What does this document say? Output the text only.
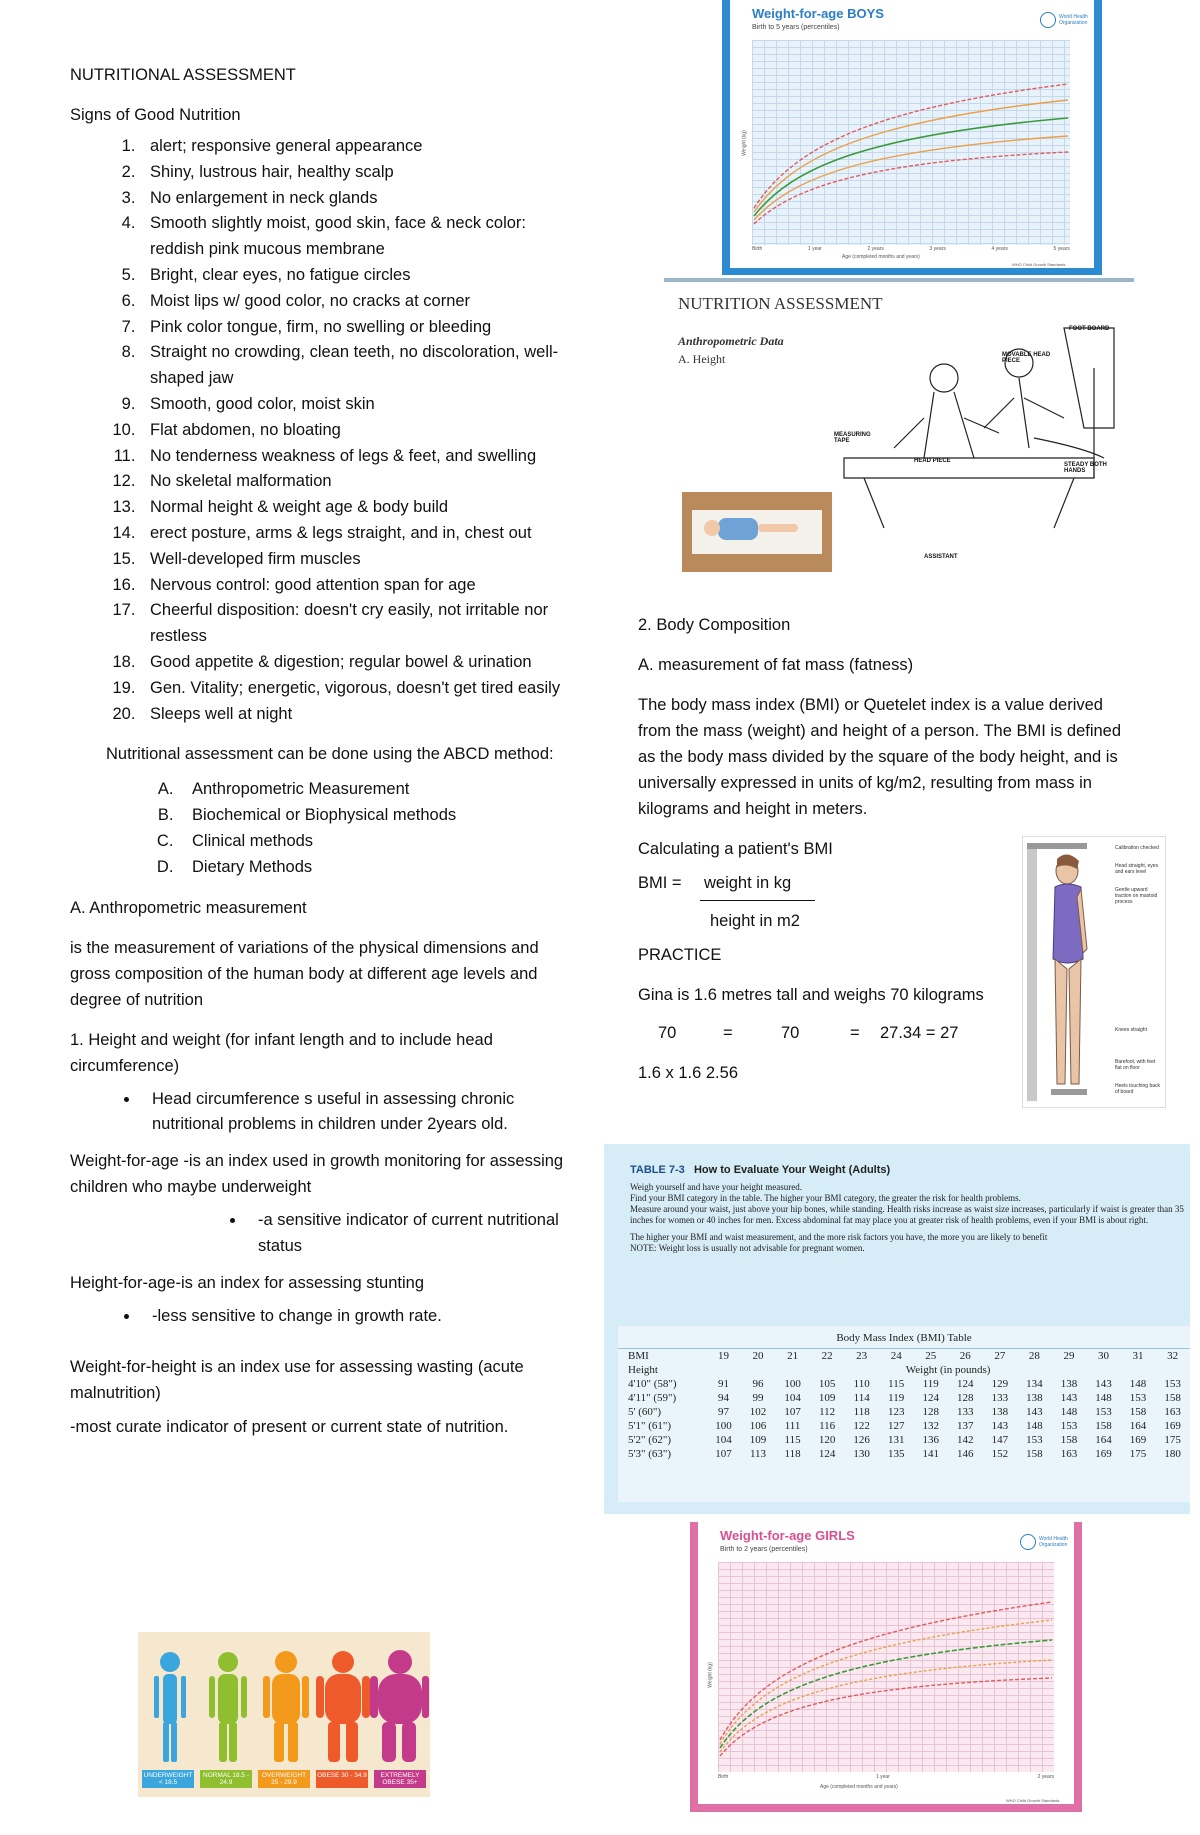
NUTRITIONAL ASSESSMENT

Signs of Good Nutrition

1. alert; responsive general appearance
2. Shiny, lustrous hair, healthy scalp
3. No enlargement in neck glands
4. Smooth slightly moist, good skin, face & neck color: reddish pink mucous membrane
5. Bright, clear eyes, no fatigue circles
6. Moist lips w/ good color, no cracks at corner
7. Pink color tongue, firm, no swelling or bleeding
8. Straight no crowding, clean teeth, no discoloration, well-shaped jaw
9. Smooth, good color, moist skin
10. Flat abdomen, no bloating
11. No tenderness weakness of legs & feet, and swelling
12. No skeletal malformation
13. Normal height & weight age & body build
14. erect posture, arms & legs straight, and in, chest out
15. Well-developed firm muscles
16. Nervous control: good attention span for age
17. Cheerful disposition: doesn't cry easily, not irritable nor restless
18. Good appetite & digestion; regular bowel & urination
19. Gen. Vitality; energetic, vigorous, doesn't get tired easily
20. Sleeps well at night

Nutritional assessment can be done using the ABCD method:

A. Anthropometric Measurement
B. Biochemical or Biophysical methods
C. Clinical methods
D. Dietary Methods

A. Anthropometric measurement

is the measurement of variations of the physical dimensions and gross composition of the human body at different age levels and degree of nutrition

1. Height and weight (for infant length and to include head circumference)

• Head circumference s useful in assessing chronic nutritional problems in children under 2years old.

Weight-for-age -is an index used in growth monitoring for assessing children who maybe underweight

• -a sensitive indicator of current nutritional status

Height-for-age-is an index for assessing stunting

• -less sensitive to change in growth rate.

Weight-for-height is an index use for assessing wasting (acute malnutrition)

-most curate indicator of present or current state of nutrition.

UNDERWEIGHT < 18.5
NORMAL 18.5 - 24.9
OVERWEIGHT 25 - 29.9
OBESE 30 - 34.9	EXTREMELY OBESE 35+
Weight-for-age BOYS
Birth to 5 years (percentiles)
World Health Organization
Weight (kg)
Birth	1 year	2 years	3 years	4 years	5 years
Age (completed months and years)
WHO Child Growth Standards
NUTRITION ASSESSMENT
Anthropometric Data
A. Height
FOOT BOARD
MOVABLE HEAD PIECE
MEASURING TAPE
HEAD PIECE
STEADY BOTH HANDS
ASSISTANT

2. Body Composition

A. measurement of fat mass (fatness)

The body mass index (BMI) or Quetelet index is a value derived from the mass (weight) and height of a person. The BMI is defined as the body mass divided by the square of the body height, and is universally expressed in units of kg/m2, resulting from mass in kilograms and height in meters.

Calculating a patient's BMI

BMI = weight in kg
height in m2

PRACTICE

Gina is 1.6 metres tall and weighs 70 kilograms

70	=	70	= 27.34 = 27

1.6 x 1.6 2.56

Calibration checked
Head straight, eyes and ears level
Gentle upward traction on mastoid process
Knees straight
Barefoot, with feet flat on floor
Heels touching back of board
TABLE 7-3 How to Evaluate Your Weight (Adults)
Weigh yourself and have your height measured.
Find your BMI category in the table. The higher your BMI category, the greater the risk for health problems.
Measure around your waist, just above your hip bones, while standing. Health risks increase as waist size increases, particularly if waist is greater than 35 inches for women or 40 inches for men. Excess abdominal fat may place you at greater risk of health problems, even if your BMI is about right.
The higher your BMI and waist measurement, and the more risk factors you have, the more you are likely to benefit
NOTE: Weight loss is usually not advisable for pregnant women.
Body Mass Index (BMI) Table
BMI	19	20	21	22	23	24	25	26	27	28	29	30	31	32
Height	Weight (in pounds)													
4'10" (58")	91	96	100	105	110	115	119	124	129	134	138	143	148	153
4'11" (59")	94	99	104	109	114	119	124	128	133	138	143	148	153	158
5' (60")	97	102	107	112	118	123	128	133	138	143	148	153	158	163
5'1" (61")	100	106	111	116	122	127	132	137	143	148	153	158	164	169
5'2" (62")	104	109	115	120	126	131	136	142	147	153	158	164	169	175
5'3" (63")	107	113	118	124	130	135	141	146	152	158	163	169	175	180
Weight-for-age GIRLS
Birth to 2 years (percentiles)
World Health Organization
Weight (kg)
Birth	1 year	2 years
Age (completed months and years)
WHO Child Growth Standards
